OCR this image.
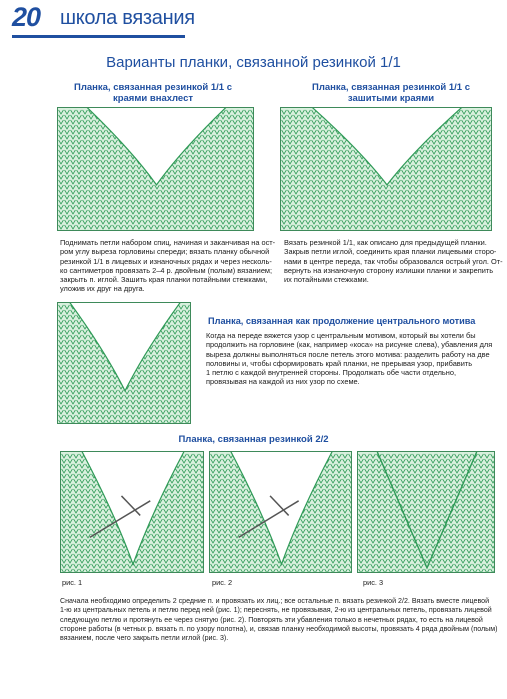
20 школа вязания
Варианты планки, связанной резинкой 1/1
Планка, связанная резинкой 1/1 с краями внахлест
Поднимать петли набором спиц, начиная и заканчивая на ост-
ром углу выреза горловины спереди; вязать планку обычной
резинкой 1/1 в лицевых и изнаночных рядах и через несколь-
ко сантиметров провязать 2–4 р. двойным (полым) вязанием;
закрыть п. иглой. Зашить края планки потайными стежками,
уложив их друг на друга.
Планка, связанная резинкой 1/1 с зашитыми краями
Вязать резинкой 1/1, как описано для предыдущей планки.
Закрыв петли иглой, соединить края планки лицевыми сторо-
нами в центре переда, так чтобы образовался острый угол. От-
вернуть на изнаночную сторону излишки планки и закрепить
их потайными стежками.
Планка, связанная как продолжение центрального мотива
Когда на переде вяжется узор с центральным мотивом, который вы хотели бы
продолжить на горловине (как, например «коса» на рисунке слева), убавления для
выреза должны выполняться после петель этого мотива: разделить работу на две
половины и, чтобы сформировать край планки, не прерывая узор, прибавить
1 петлю с каждой внутренней стороны. Продолжать обе части отдельно,
провязывая на каждой из них узор по схеме.
Планка, связанная резинкой 2/2
рис. 1	рис. 2	рис. 3
Сначала необходимо определить 2 средние п. и провязать их лиц.; все остальные п. вязать резинкой 2/2. Вязать вместе лицевой
1-ю из центральных петель и петлю перед ней (рис. 1); переснять, не провязывая, 2-ю из центральных петель, провязать лицевой
следующую петлю и протянуть ее через снятую (рис. 2). Повторять эти убавления только в нечетных рядах, то есть на лицевой
стороне работы (в четных р. вязать п. по узору полотна), и, связав планку необходимой высоты, провязать 4 ряда двойным (полым)
вязанием, после чего закрыть петли иглой (рис. 3).
